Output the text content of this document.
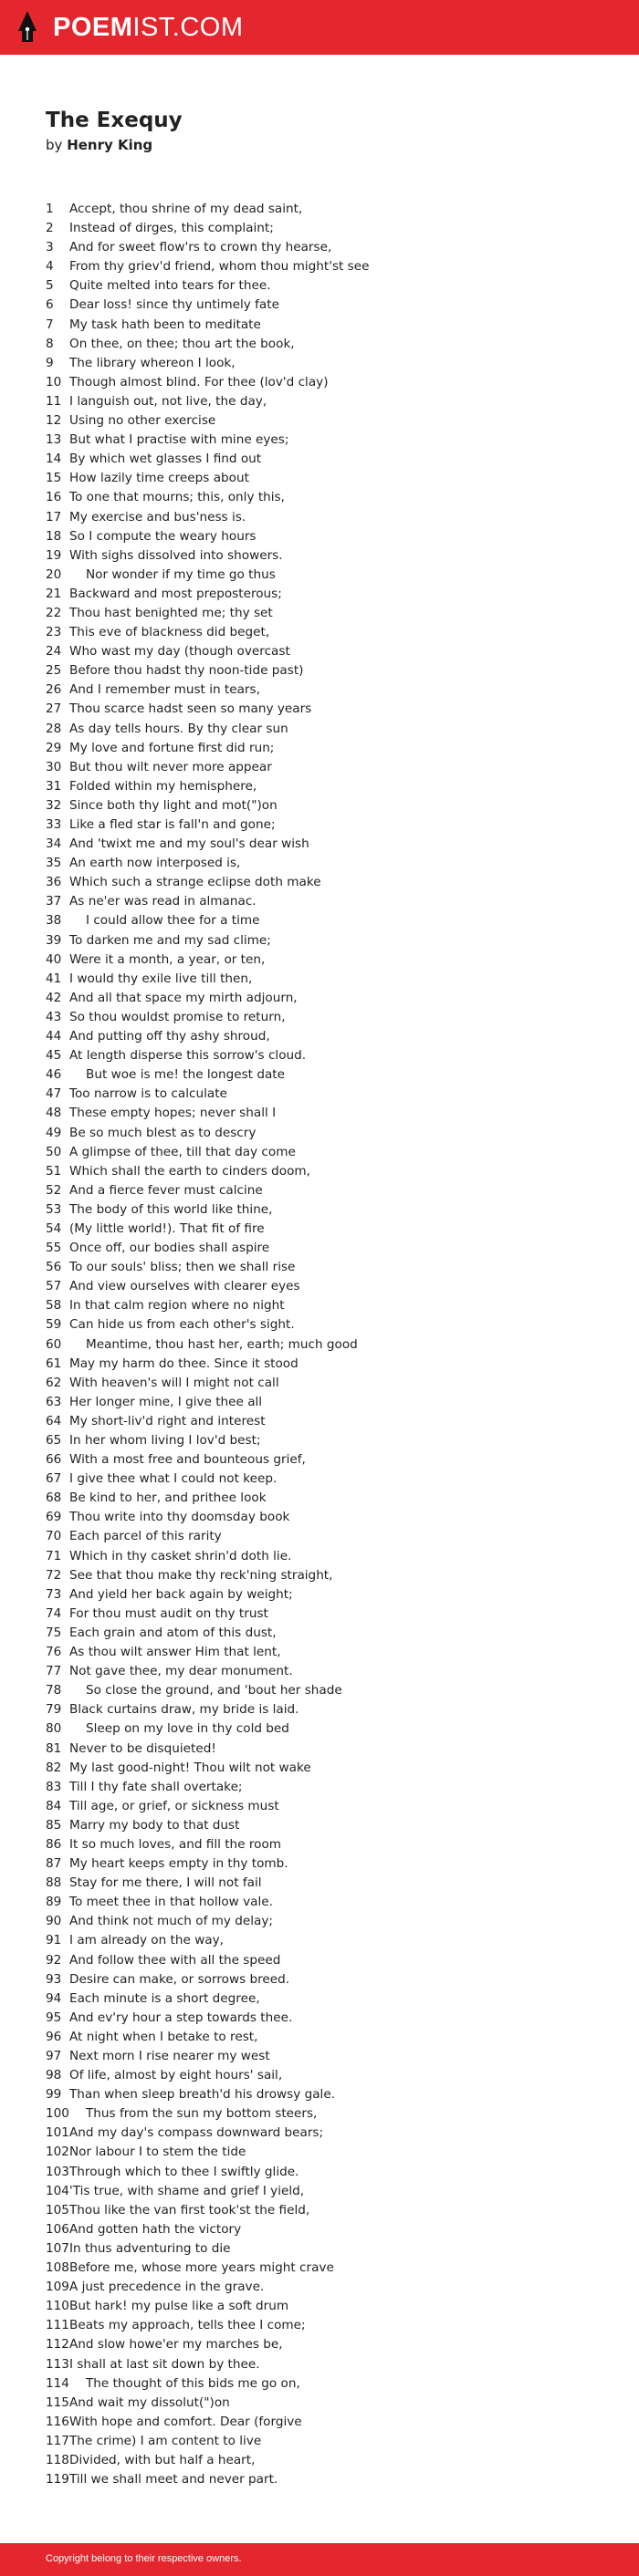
POEMIST.COM
The Exequy
by Henry King
1	Accept, thou shrine of my dead saint,
2	Instead of dirges, this complaint;
3	And for sweet flow'rs to crown thy hearse,
4	From thy griev'd friend, whom thou might'st see
5	Quite melted into tears for thee.
6	Dear loss! since thy untimely fate
7	My task hath been to meditate
8	On thee, on thee; thou art the book,
9	The library whereon I look,
10 Though almost blind. For thee (lov'd clay)
11 I languish out, not live, the day,
12 Using no other exercise
13 But what I practise with mine eyes;
14 By which wet glasses I find out
15 How lazily time creeps about
16 To one that mourns; this, only this,
17 My exercise and bus'ness is.
18 So I compute the weary hours
19 With sighs dissolved into showers.
20	Nor wonder if my time go thus
21 Backward and most preposterous;
22 Thou hast benighted me; thy set
23 This eve of blackness did beget,
24 Who wast my day (though overcast
25 Before thou hadst thy noon-tide past)
26 And I remember must in tears,
27 Thou scarce hadst seen so many years
28 As day tells hours. By thy clear sun
29 My love and fortune first did run;
30 But thou wilt never more appear
31 Folded within my hemisphere,
32 Since both thy light and mot(")on
33 Like a fled star is fall'n and gone;
34 And 'twixt me and my soul's dear wish
35 An earth now interposed is,
36 Which such a strange eclipse doth make
37 As ne'er was read in almanac.
38	I could allow thee for a time
39 To darken me and my sad clime;
40 Were it a month, a year, or ten,
41 I would thy exile live till then,
42 And all that space my mirth adjourn,
43 So thou wouldst promise to return,
44 And putting off thy ashy shroud,
45 At length disperse this sorrow's cloud.
46	But woe is me! the longest date
47 Too narrow is to calculate
48 These empty hopes; never shall I
49 Be so much blest as to descry
50 A glimpse of thee, till that day come
51 Which shall the earth to cinders doom,
52 And a fierce fever must calcine
53 The body of this world like thine,
54 (My little world!). That fit of fire
55 Once off, our bodies shall aspire
56 To our souls' bliss; then we shall rise
57 And view ourselves with clearer eyes
58 In that calm region where no night
59 Can hide us from each other's sight.
60	Meantime, thou hast her, earth; much good
61 May my harm do thee. Since it stood
62 With heaven's will I might not call
63 Her longer mine, I give thee all
64 My short-liv'd right and interest
65 In her whom living I lov'd best;
66 With a most free and bounteous grief,
67 I give thee what I could not keep.
68 Be kind to her, and prithee look
69 Thou write into thy doomsday book
70 Each parcel of this rarity
71 Which in thy casket shrin'd doth lie.
72 See that thou make thy reck'ning straight,
73 And yield her back again by weight;
74 For thou must audit on thy trust
75 Each grain and atom of this dust,
76 As thou wilt answer Him that lent,
77 Not gave thee, my dear monument.
78	So close the ground, and 'bout her shade
79 Black curtains draw, my bride is laid.
80	Sleep on my love in thy cold bed
81 Never to be disquieted!
82 My last good-night! Thou wilt not wake
83 Till I thy fate shall overtake;
84 Till age, or grief, or sickness must
85 Marry my body to that dust
86 It so much loves, and fill the room
87 My heart keeps empty in thy tomb.
88 Stay for me there, I will not fail
89 To meet thee in that hollow vale.
90 And think not much of my delay;
91 I am already on the way,
92 And follow thee with all the speed
93 Desire can make, or sorrows breed.
94 Each minute is a short degree,
95 And ev'ry hour a step towards thee.
96 At night when I betake to rest,
97 Next morn I rise nearer my west
98 Of life, almost by eight hours' sail,
99 Than when sleep breath'd his drowsy gale.
100	Thus from the sun my bottom steers,
101 And my day's compass downward bears;
102 Nor labour I to stem the tide
103 Through which to thee I swiftly glide.
104 'Tis true, with shame and grief I yield,
105 Thou like the van first took'st the field,
106 And gotten hath the victory
107 In thus adventuring to die
108 Before me, whose more years might crave
109 A just precedence in the grave.
110 But hark! my pulse like a soft drum
111 Beats my approach, tells thee I come;
112 And slow howe'er my marches be,
113 I shall at last sit down by thee.
114	The thought of this bids me go on,
115 And wait my dissolut(")on
116 With hope and comfort. Dear (forgive
117 The crime) I am content to live
118 Divided, with but half a heart,
119 Till we shall meet and never part.
Copyright belong to their respective owners.
